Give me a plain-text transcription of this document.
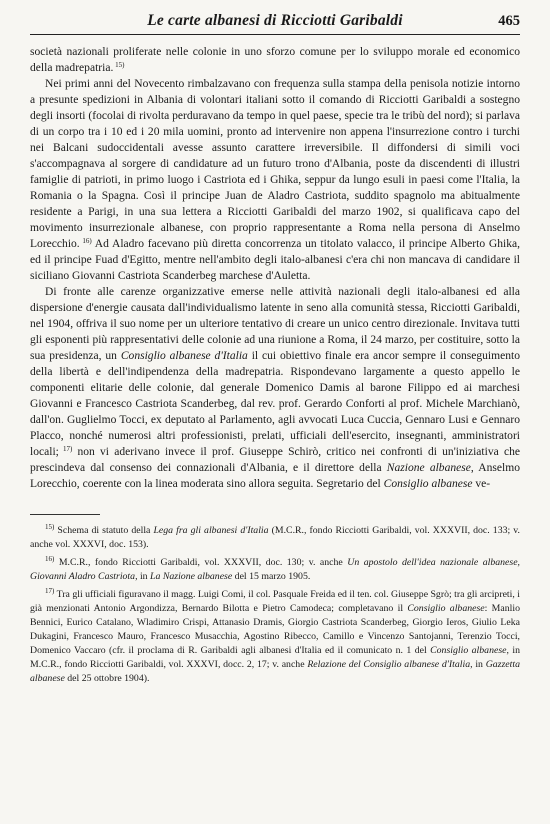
Le carte albanesi di Ricciotti Garibaldi	465

società nazionali proliferate nelle colonie in uno sforzo comune per lo sviluppo morale ed economico della madrepatria. $^{15)}$

Nei primi anni del Novecento rimbalzavano con frequenza sulla stampa della penisola notizie intorno a presunte spedizioni in Albania di volontari italiani sotto il comando di Ricciotti Garibaldi a sostegno degli insorti (focolai di rivolta perduravano da tempo in quel paese, specie tra le tribù del nord); si parlava di un corpo tra i 10 ed i 20 mila uomini, pronto ad intervenire non appena l'insurrezione contro i turchi nei Balcani sudoccidentali avesse assunto carattere irreversibile. Il diffondersi di simili voci s'accompagnava al sorgere di candidature ad un futuro trono d'Albania, poste da discendenti di illustri famiglie di patrioti, in primo luogo i Castriota ed i Ghika, seppur da lungo esuli in paesi come l'Italia, la Romania o la Spagna. Così il principe Juan de Aladro Castriota, suddito spagnolo ma abitualmente residente a Parigi, in una sua lettera a Ricciotti Garibaldi del marzo 1902, si qualificava capo del movimento insurrezionale albanese, con proprio rappresentante a Roma nella persona di Anselmo Lorecchio. $^{16)}$ Ad Aladro facevano più diretta concorrenza un titolato valacco, il principe Alberto Ghika, ed il principe Fuad d'Egitto, mentre nell'ambito degli italo-albanesi c'era chi non mancava di candidare il siciliano Giovanni Castriota Scanderbeg marchese d'Auletta.

Di fronte alle carenze organizzative emerse nelle attività nazionali degli italo-albanesi ed alla dispersione d'energie causata dall'individualismo latente in seno alla comunità stessa, Ricciotti Garibaldi, nel 1904, offriva il suo nome per un ulteriore tentativo di creare un unico centro direzionale. Invitava tutti gli esponenti più rappresentativi delle colonie ad una riunione a Roma, il 24 marzo, per costituire, sotto la sua presidenza, un Consiglio albanese d'Italia il cui obiettivo finale era ancor sempre il conseguimento della libertà e dell'indipendenza della madrepatria. Rispondevano largamente a questo appello le componenti elitarie delle colonie, dal generale Domenico Damis al barone Filippo ed ai marchesi Giovanni e Francesco Castriota Scanderbeg, dal rev. prof. Gerardo Conforti al prof. Michele Marchianò, dall'on. Guglielmo Tocci, ex deputato al Parlamento, agli avvocati Luca Cuccia, Gennaro Lusi e Gennaro Placco, nonché numerosi altri professionisti, prelati, ufficiali dell'esercito, insegnanti, amministratori locali; $^{17)}$ non vi aderivano invece il prof. Giuseppe Schirò, critico nei confronti di un'iniziativa che prescindeva dal consenso dei connazionali d'Albania, e il direttore della Nazione albanese, Anselmo Lorecchio, coerente con la linea moderata sino allora seguita. Segretario del Consiglio albanese ve-

$^{15)}$ Schema di statuto della Lega fra gli albanesi d'Italia (M.C.R., fondo Ricciotti Garibaldi, vol. XXXVII, doc. 133; v. anche vol. XXXVI, doc. 153).

$^{16)}$ M.C.R., fondo Ricciotti Garibaldi, vol. XXXVII, doc. 130; v. anche Un apostolo dell'idea nazionale albanese, Giovanni Aladro Castriota, in La Nazione albanese del 15 marzo 1905.

$^{17)}$ Tra gli ufficiali figuravano il magg. Luigi Comi, il col. Pasquale Freida ed il ten. col. Giuseppe Sgrò; tra gli arcipreti, i già menzionati Antonio Argondizza, Bernardo Bilotta e Pietro Camodeca; completavano il Consiglio albanese: Manlio Bennici, Eurico Catalano, Wladimiro Crispi, Attanasio Dramis, Giorgio Castriota Scanderbeg, Giorgio Ieros, Giulio Leka Dukagini, Francesco Mauro, Francesco Musacchia, Agostino Ribecco, Camillo e Vincenzo Santojanni, Terenzio Tocci, Domenico Vaccaro (cfr. il proclama di R. Garibaldi agli albanesi d'Italia ed il comunicato n. 1 del Consiglio albanese, in M.C.R., fondo Ricciotti Garibaldi, vol. XXXVI, docc. 2, 17; v. anche Relazione del Consiglio albanese d'Italia, in Gazzetta albanese del 25 ottobre 1904).
